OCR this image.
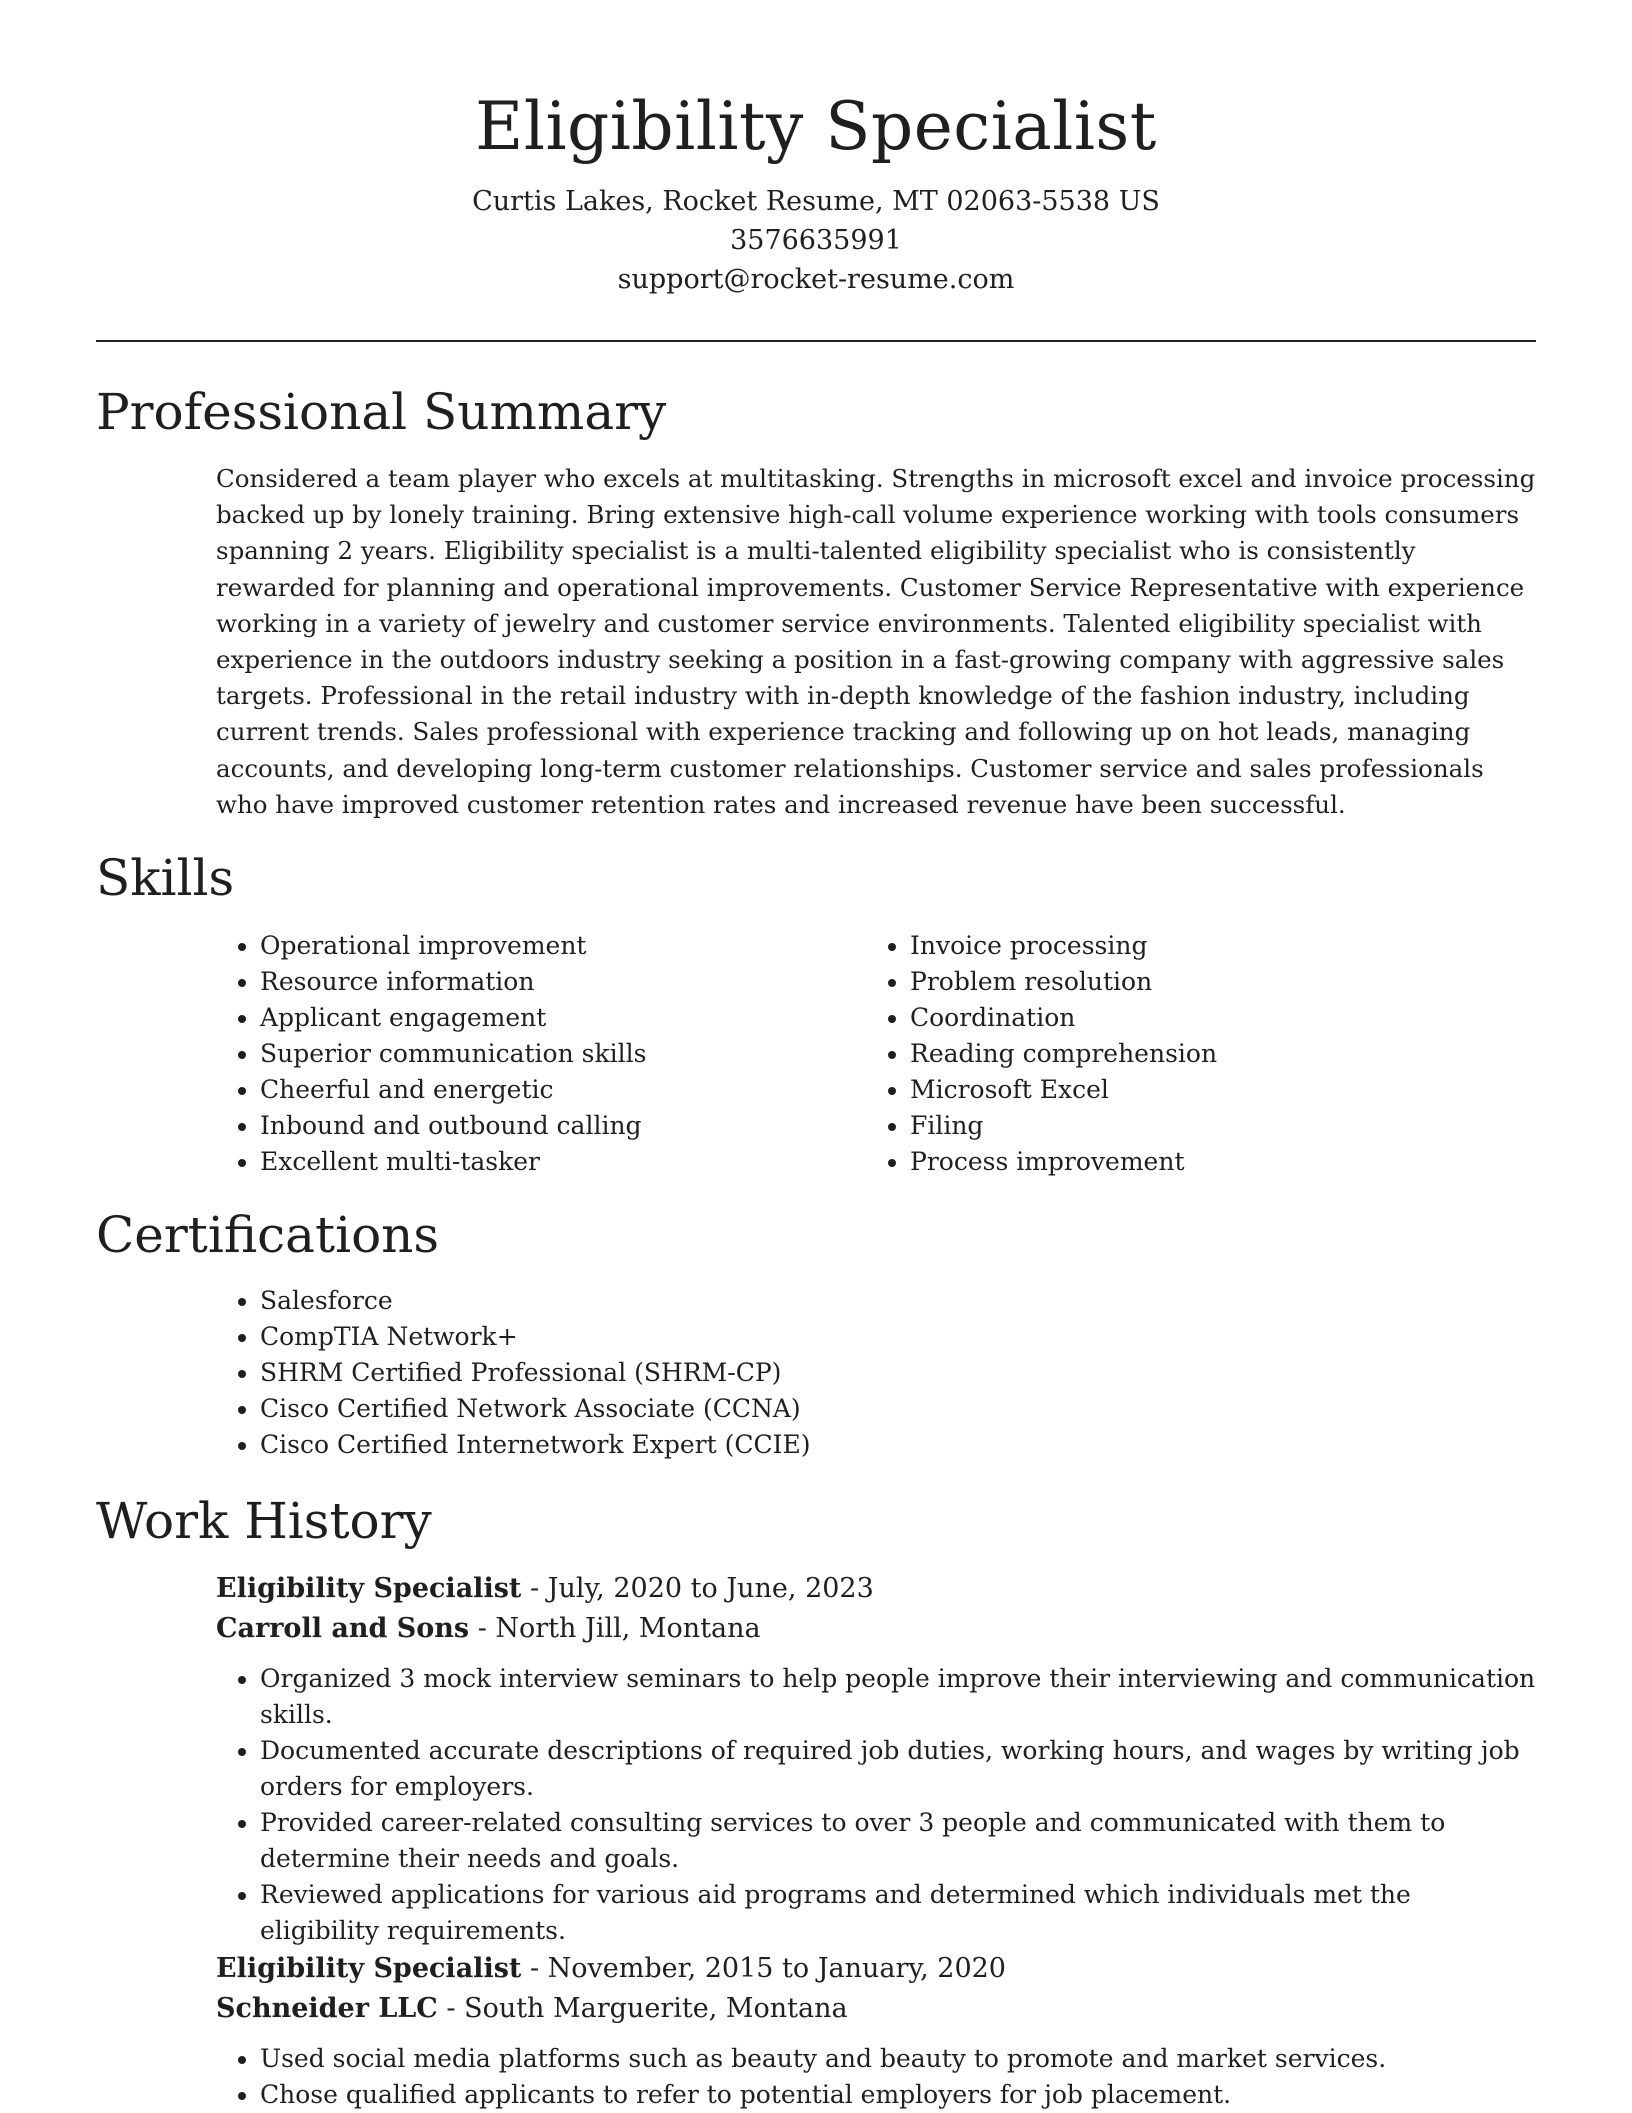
Eligibility Specialist

Curtis Lakes, Rocket Resume, MT 02063-5538 US

3576635991

support@rocket-resume.com

Professional Summary

Considered a team player who excels at multitasking. Strengths in microsoft excel and invoice processing backed up by lonely training. Bring extensive high-call volume experience working with tools consumers spanning 2 years. Eligibility specialist is a multi-talented eligibility specialist who is consistently rewarded for planning and operational improvements. Customer Service Representative with experience working in a variety of jewelry and customer service environments. Talented eligibility specialist with experience in the outdoors industry seeking a position in a fast-growing company with aggressive sales targets. Professional in the retail industry with in-depth knowledge of the fashion industry, including current trends. Sales professional with experience tracking and following up on hot leads, managing accounts, and developing long-term customer relationships. Customer service and sales professionals who have improved customer retention rates and increased revenue have been successful.

Skills
• Operational improvement
• Resource information
• Applicant engagement
• Superior communication skills
• Cheerful and energetic
• Inbound and outbound calling
• Excellent multi-tasker
• Invoice processing
• Problem resolution
• Coordination
• Reading comprehension
• Microsoft Excel
• Filing
• Process improvement
Certifications
• Salesforce
• CompTIA Network+
• SHRM Certified Professional (SHRM-CP)
• Cisco Certified Network Associate (CCNA)
• Cisco Certified Internetwork Expert (CCIE)
Work History

Eligibility Specialist - July, 2020 to June, 2023

Carroll and Sons - North Jill, Montana

• Organized 3 mock interview seminars to help people improve their interviewing and communication skills.
• Documented accurate descriptions of required job duties, working hours, and wages by writing job orders for employers.
• Provided career-related consulting services to over 3 people and communicated with them to determine their needs and goals.
• Reviewed applications for various aid programs and determined which individuals met the eligibility requirements.

Eligibility Specialist - November, 2015 to January, 2020

Schneider LLC - South Marguerite, Montana

• Used social media platforms such as beauty and beauty to promote and market services.
• Chose qualified applicants to refer to potential employers for job placement.
